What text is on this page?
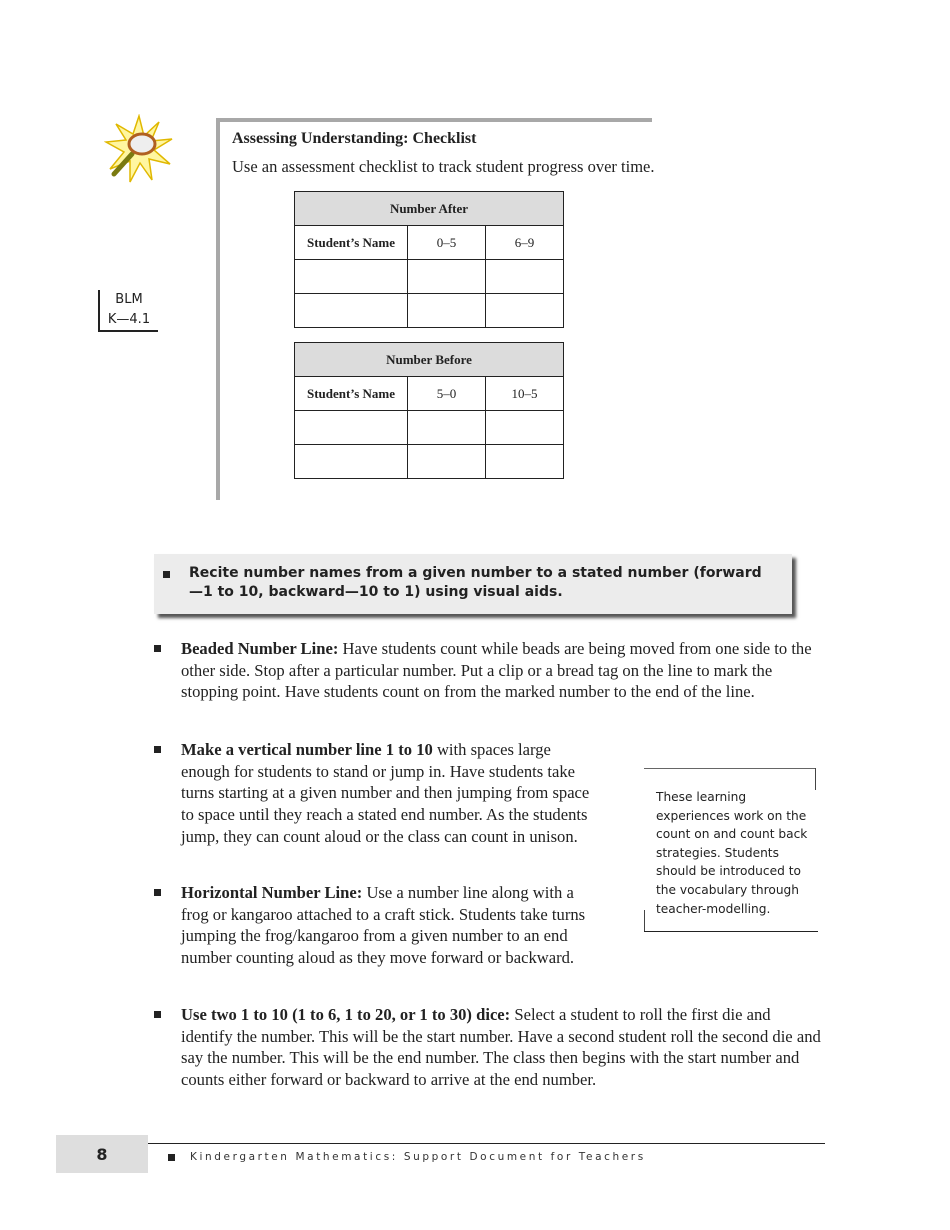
Assessing Understanding: Checklist
Use an assessment checklist to track student progress over time.
Number After		
Student’s Name	0–5	6–9

Number Before		
Student’s Name	5–0	10–5

BLM
K—4.1
Recite number names from a given number to a stated number (forward—1 to 10, backward—10 to 1) using visual aids.
Beaded Number Line: Have students count while beads are being moved from one side to the other side. Stop after a particular number. Put a clip or a bread tag on the line to mark the stopping point. Have students count on from the marked number to the end of the line.
Make a vertical number line 1 to 10 with spaces large enough for students to stand or jump in. Have students take turns starting at a given number and then jumping from space to space until they reach a stated end number. As the students jump, they can count aloud or the class can count in unison.
Horizontal Number Line: Use a number line along with a frog or kangaroo attached to a craft stick. Students take turns jumping the frog/kangaroo from a given number to an end number counting aloud as they move forward or backward.
Use two 1 to 10 (1 to 6, 1 to 20, or 1 to 30) dice: Select a student to roll the first die and identify the number. This will be the start number. Have a second student roll the second die and say the number. This will be the end number. The class then begins with the start number and counts either forward or backward to arrive at the end number.
These learning experiences work on the count on and count back strategies. Students should be introduced to the vocabulary through teacher-modelling.
8	Kindergarten Mathematics: Support Document for Teachers
